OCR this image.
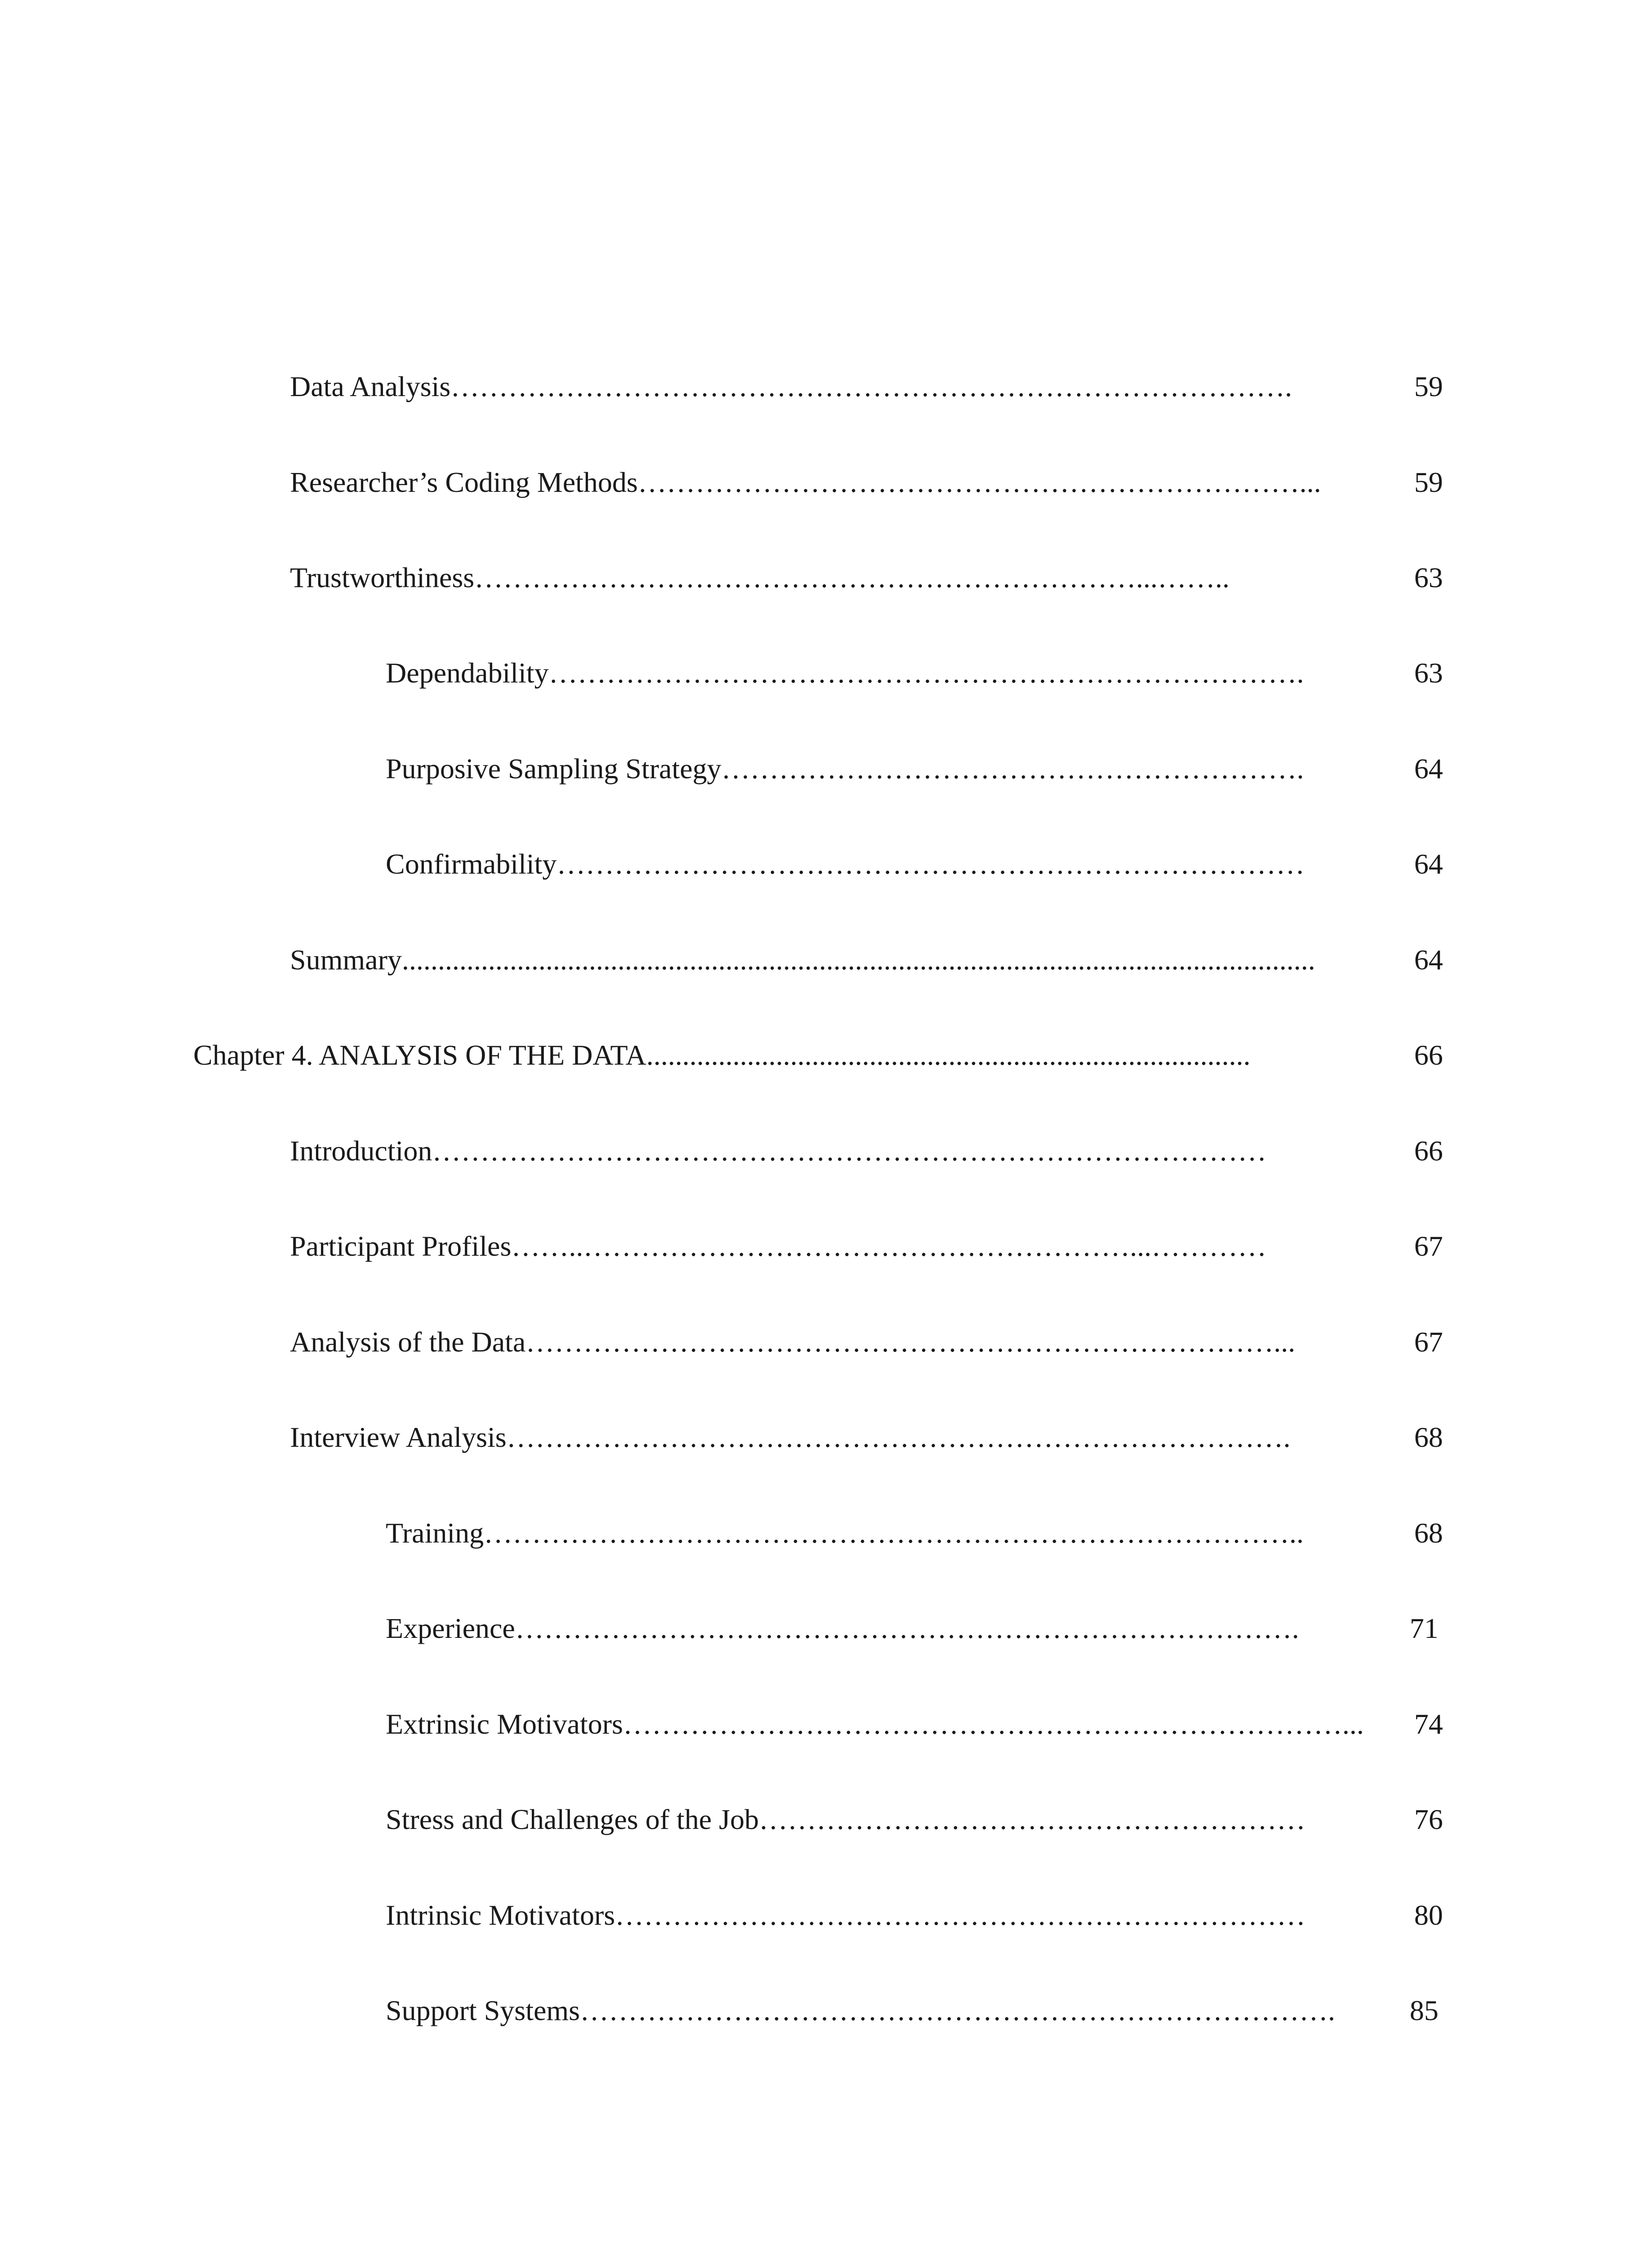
Data Analysis…………………………………………………………………………….	59
Researcher’s Coding Methods……………………………………………………………...	59
Trustworthiness……………………………………………………………...……..	63
Dependability…………………………………………………………………….	63
Purposive Sampling Strategy…………………………………………………….	64
Confirmability……………………………………………………………………	64
Summary...............................................................................................................................	64
Chapter 4. ANALYSIS OF THE DATA....................................................................................	66
Introduction……………………………………………………………………………	66
Participant Profiles……..…………………………………………………...…………	67
Analysis of the Data……………………………………………………………………...	67
Interview Analysis……………………………………………………………………….	68
Training…………………………………………………………………………..	68
Experience……………………………………………………………………….	71
Extrinsic Motivators…………………………………………………………………... 74
Stress and Challenges of the Job…………………………………………………	76
Intrinsic Motivators………………………………………………………………	80
Support Systems…………………………………………………………………….	85
